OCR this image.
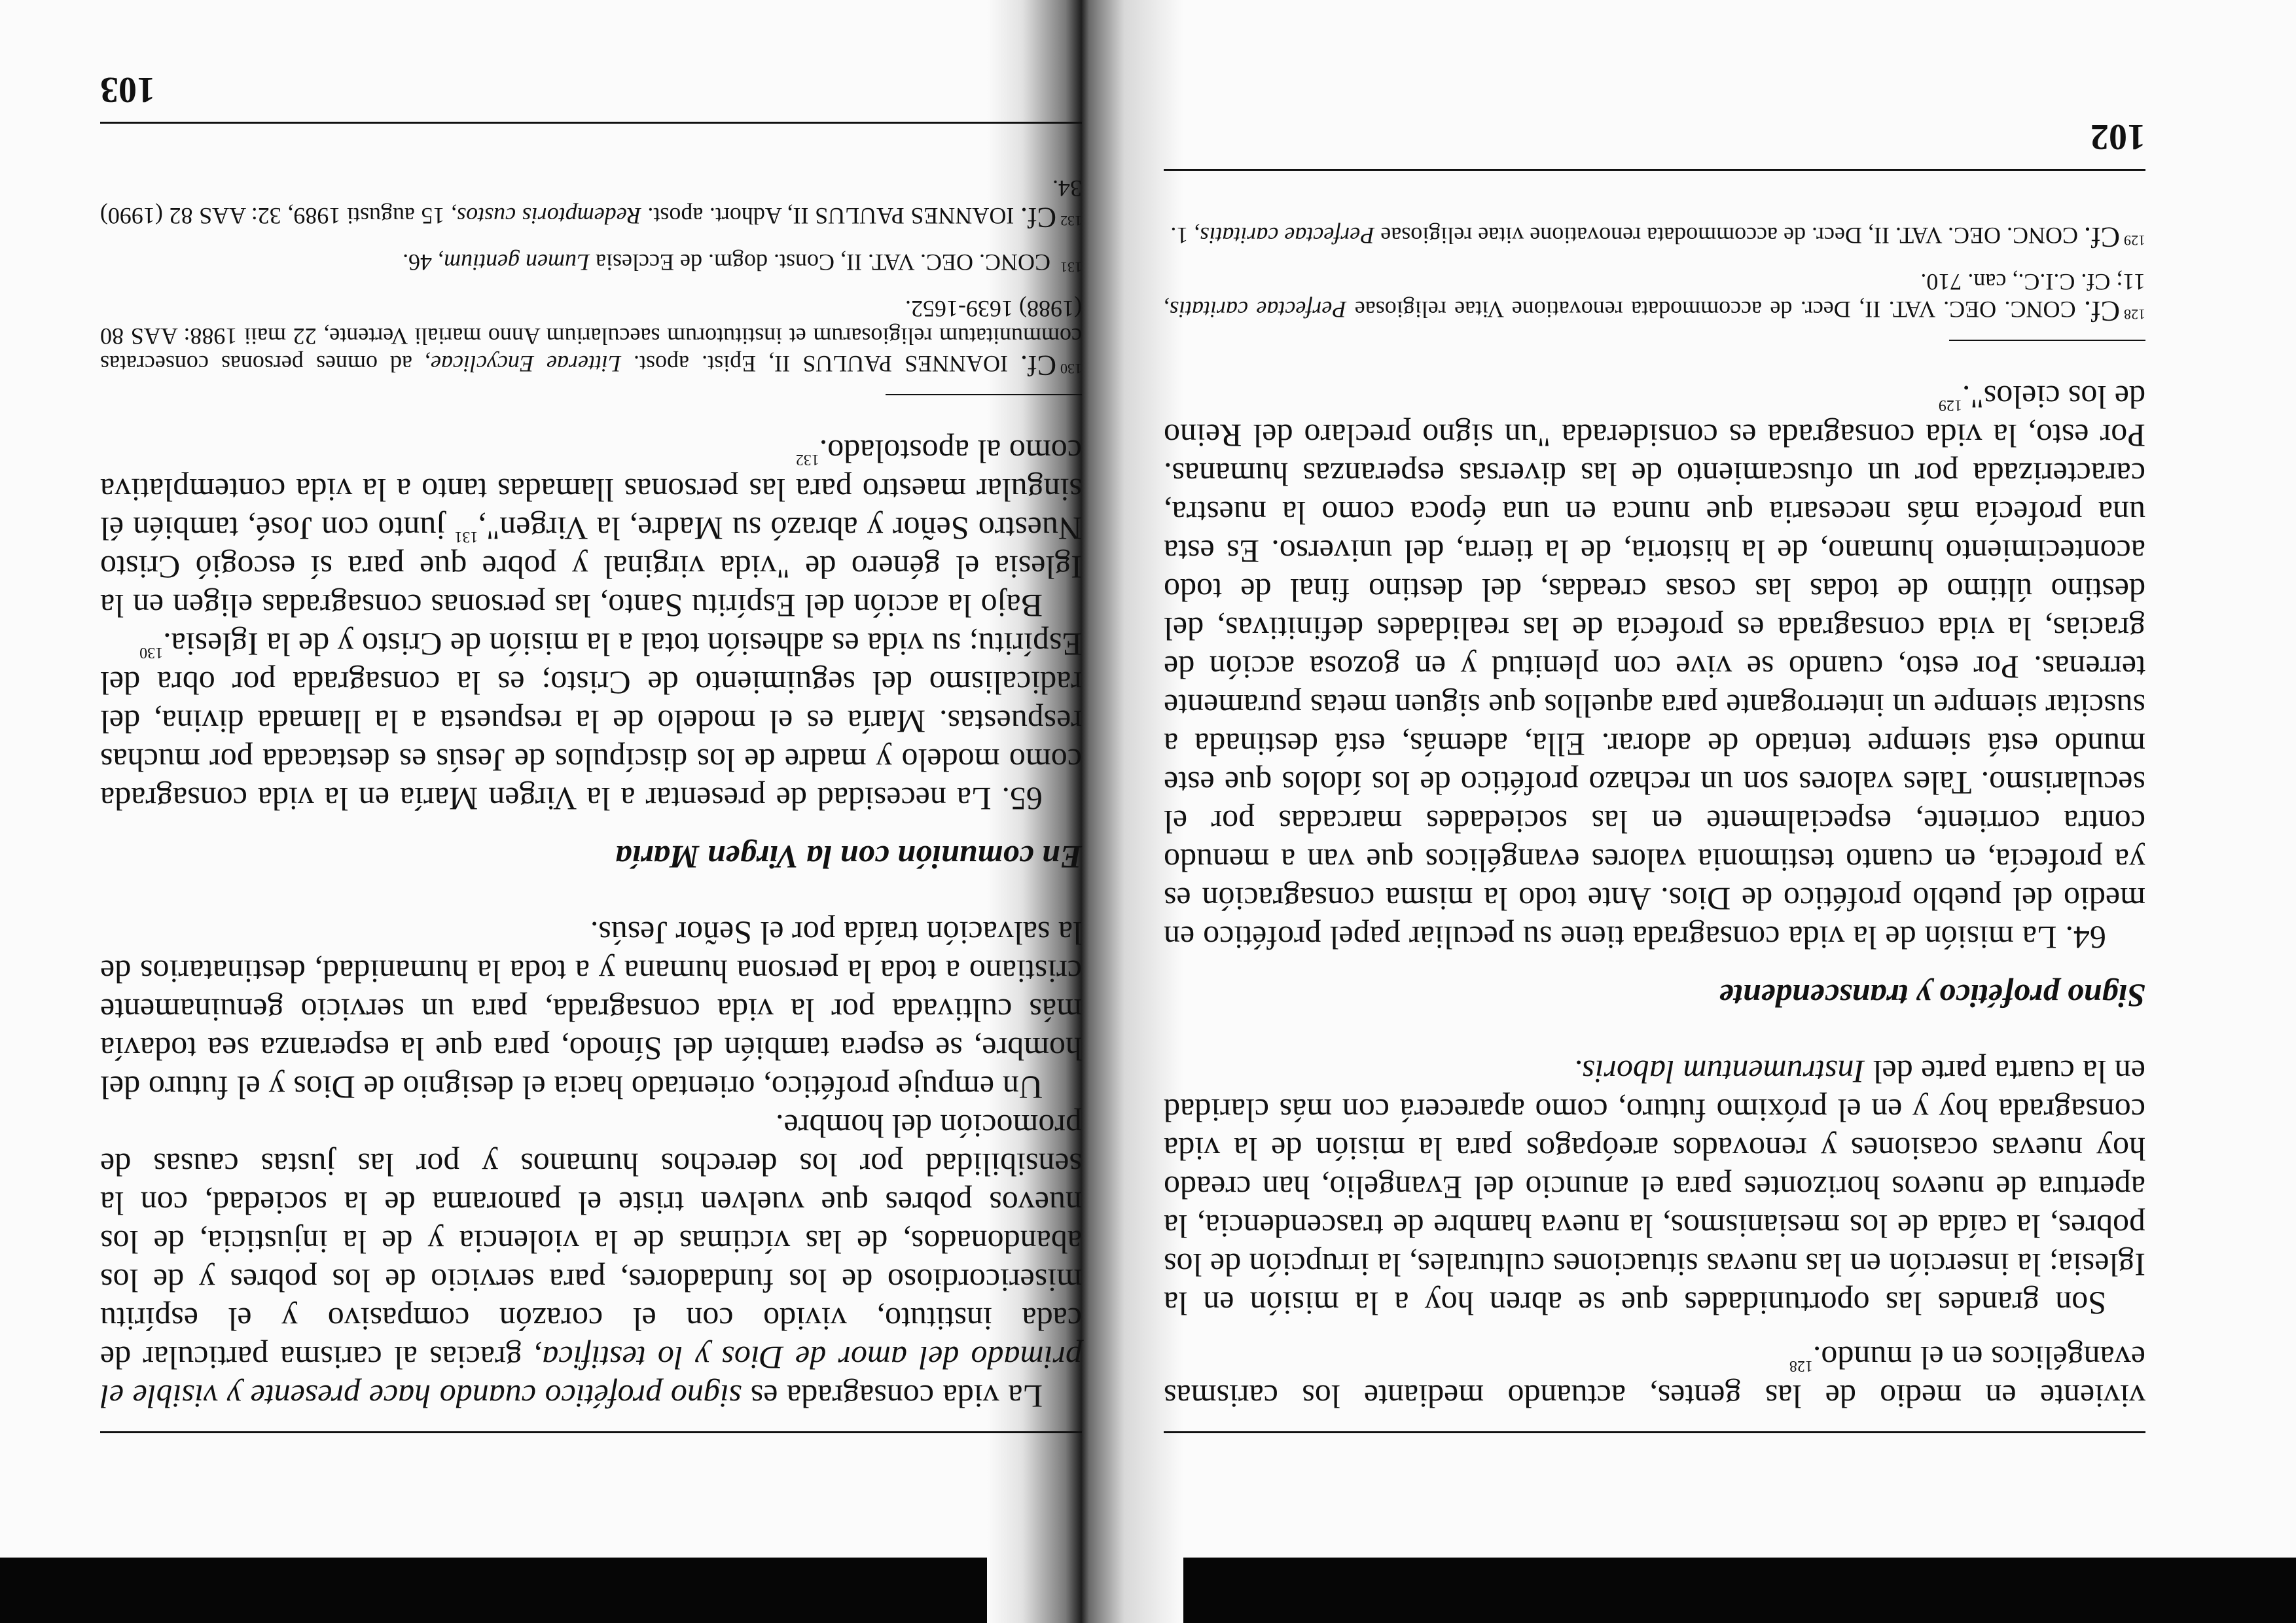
viviente en medio de las gentes, actuando mediante los carismas evangélicos en el mundo.$^{128}$

Son grandes las oportunidades que se abren hoy a la misión en la Iglesia; la inserción en las nuevas situaciones culturales, la irrupción de los pobres, la caída de los mesianismos, la nueva hambre de trascendencia, la apertura de nuevos horizontes para el anuncio del Evangelio, han creado hoy nuevas ocasiones y renovados areópagos para la misión de la vida consagrada hoy y en el próximo futuro, como aparecerá con más claridad en la cuarta parte del Instrumentum laboris.

Signo profético y transcendente

64. La misión de la vida consagrada tiene su peculiar papel profético en medio del pueblo profético de Dios. Ante todo la misma consagración es ya profecía, en cuanto testimonia valores evangélicos que van a menudo contra corriente, especialmente en las sociedades marcadas por el secularismo. Tales valores son un rechazo profético de los ídolos que este mundo está siempre tentado de adorar. Ella, además, está destinada a suscitar siempre un interrogante para aquellos que siguen metas puramente terrenas. Por esto, cuando se vive con plenitud y en gozosa acción de gracias, la vida consagrada es profecía de las realidades definitivas, del destino último de todas las cosas creadas, del destino final de todo acontecimiento humano, de la historia, de la tierra, del universo. Es esta una profecía más necesaria que nunca en una época como la nuestra, caracterizada por un ofuscamiento de las diversas esperanzas humanas. Por esto, la vida consagrada es considerada "un signo preclaro del Reino de los cielos".$^{129}$

$^{128}$Cf. CONC. OEC. VAT. II, Decr. de accommodata renovatione Vitae religiosae Perfectae caritatis, 11; Cf. C.I.C., can. 710.

$^{129}$Cf. CONC. OEC. VAT. II, Decr. de accommodata renovatione vitae religiosae Perfectae caritatis, 1.

102

La vida consagrada es signo profético cuando hace presente y visible el primado del amor de Dios y lo testifica, gracias al carisma particular de cada instituto, vivido con el corazón compasivo y el espíritu misericordioso de los fundadores, para servicio de los pobres y de los abandonados, de las víctimas de la violencia y de la injusticia, de los nuevos pobres que vuelven triste el panorama de la sociedad, con la sensibilidad por los derechos humanos y por las justas causas de promoción del hombre.

Un empuje profético, orientado hacia el designio de Dios y el futuro del hombre, se espera también del Sínodo, para que la esperanza sea todavía más cultivada por la vida consagrada, para un servicio genuinamente cristiano a toda la persona humana y a toda la humanidad, destinatarios de la salvación traída por el Señor Jesús.

En comunión con la Virgen María

65. La necesidad de presentar a la Virgen María en la vida consagrada como modelo y madre de los discípulos de Jesús es destacada por muchas respuestas. María es el modelo de la respuesta a la llamada divina, del radicalismo del seguimiento de Cristo; es la consagrada por obra del Espíritu; su vida es adhesión total a la misión de Cristo y de la Iglesia.$^{130}$

Bajo la acción del Espíritu Santo, las personas consagradas eligen en la Iglesia el género de "vida virginal y pobre que para sí escogió Cristo Nuestro Señor y abrazó su Madre, la Virgen",$^{131}$ junto con José, también él singular maestro para las personas llamadas tanto a la vida contemplativa como al apostolado.$^{132}$

$^{130}$Cf. IOANNES PAULUS II, Epist. apost. Litterae Encyclicae, ad omnes personas consecratas communitatum religiosarum et institutorum saecularium Anno mariali Vertente, 22 maii 1988: AAS 80 (1988) 1639-1652.

$^{131}$ CONC. OEC. VAT. II, Const. dogm. de Ecclesia Lumen gentium, 46.

$^{132}$Cf. IOANNES PAULUS II, Adhort. apost. Redemptoris custos, 15 augusti 1989, 32: AAS 82 (1990) 34.

103
